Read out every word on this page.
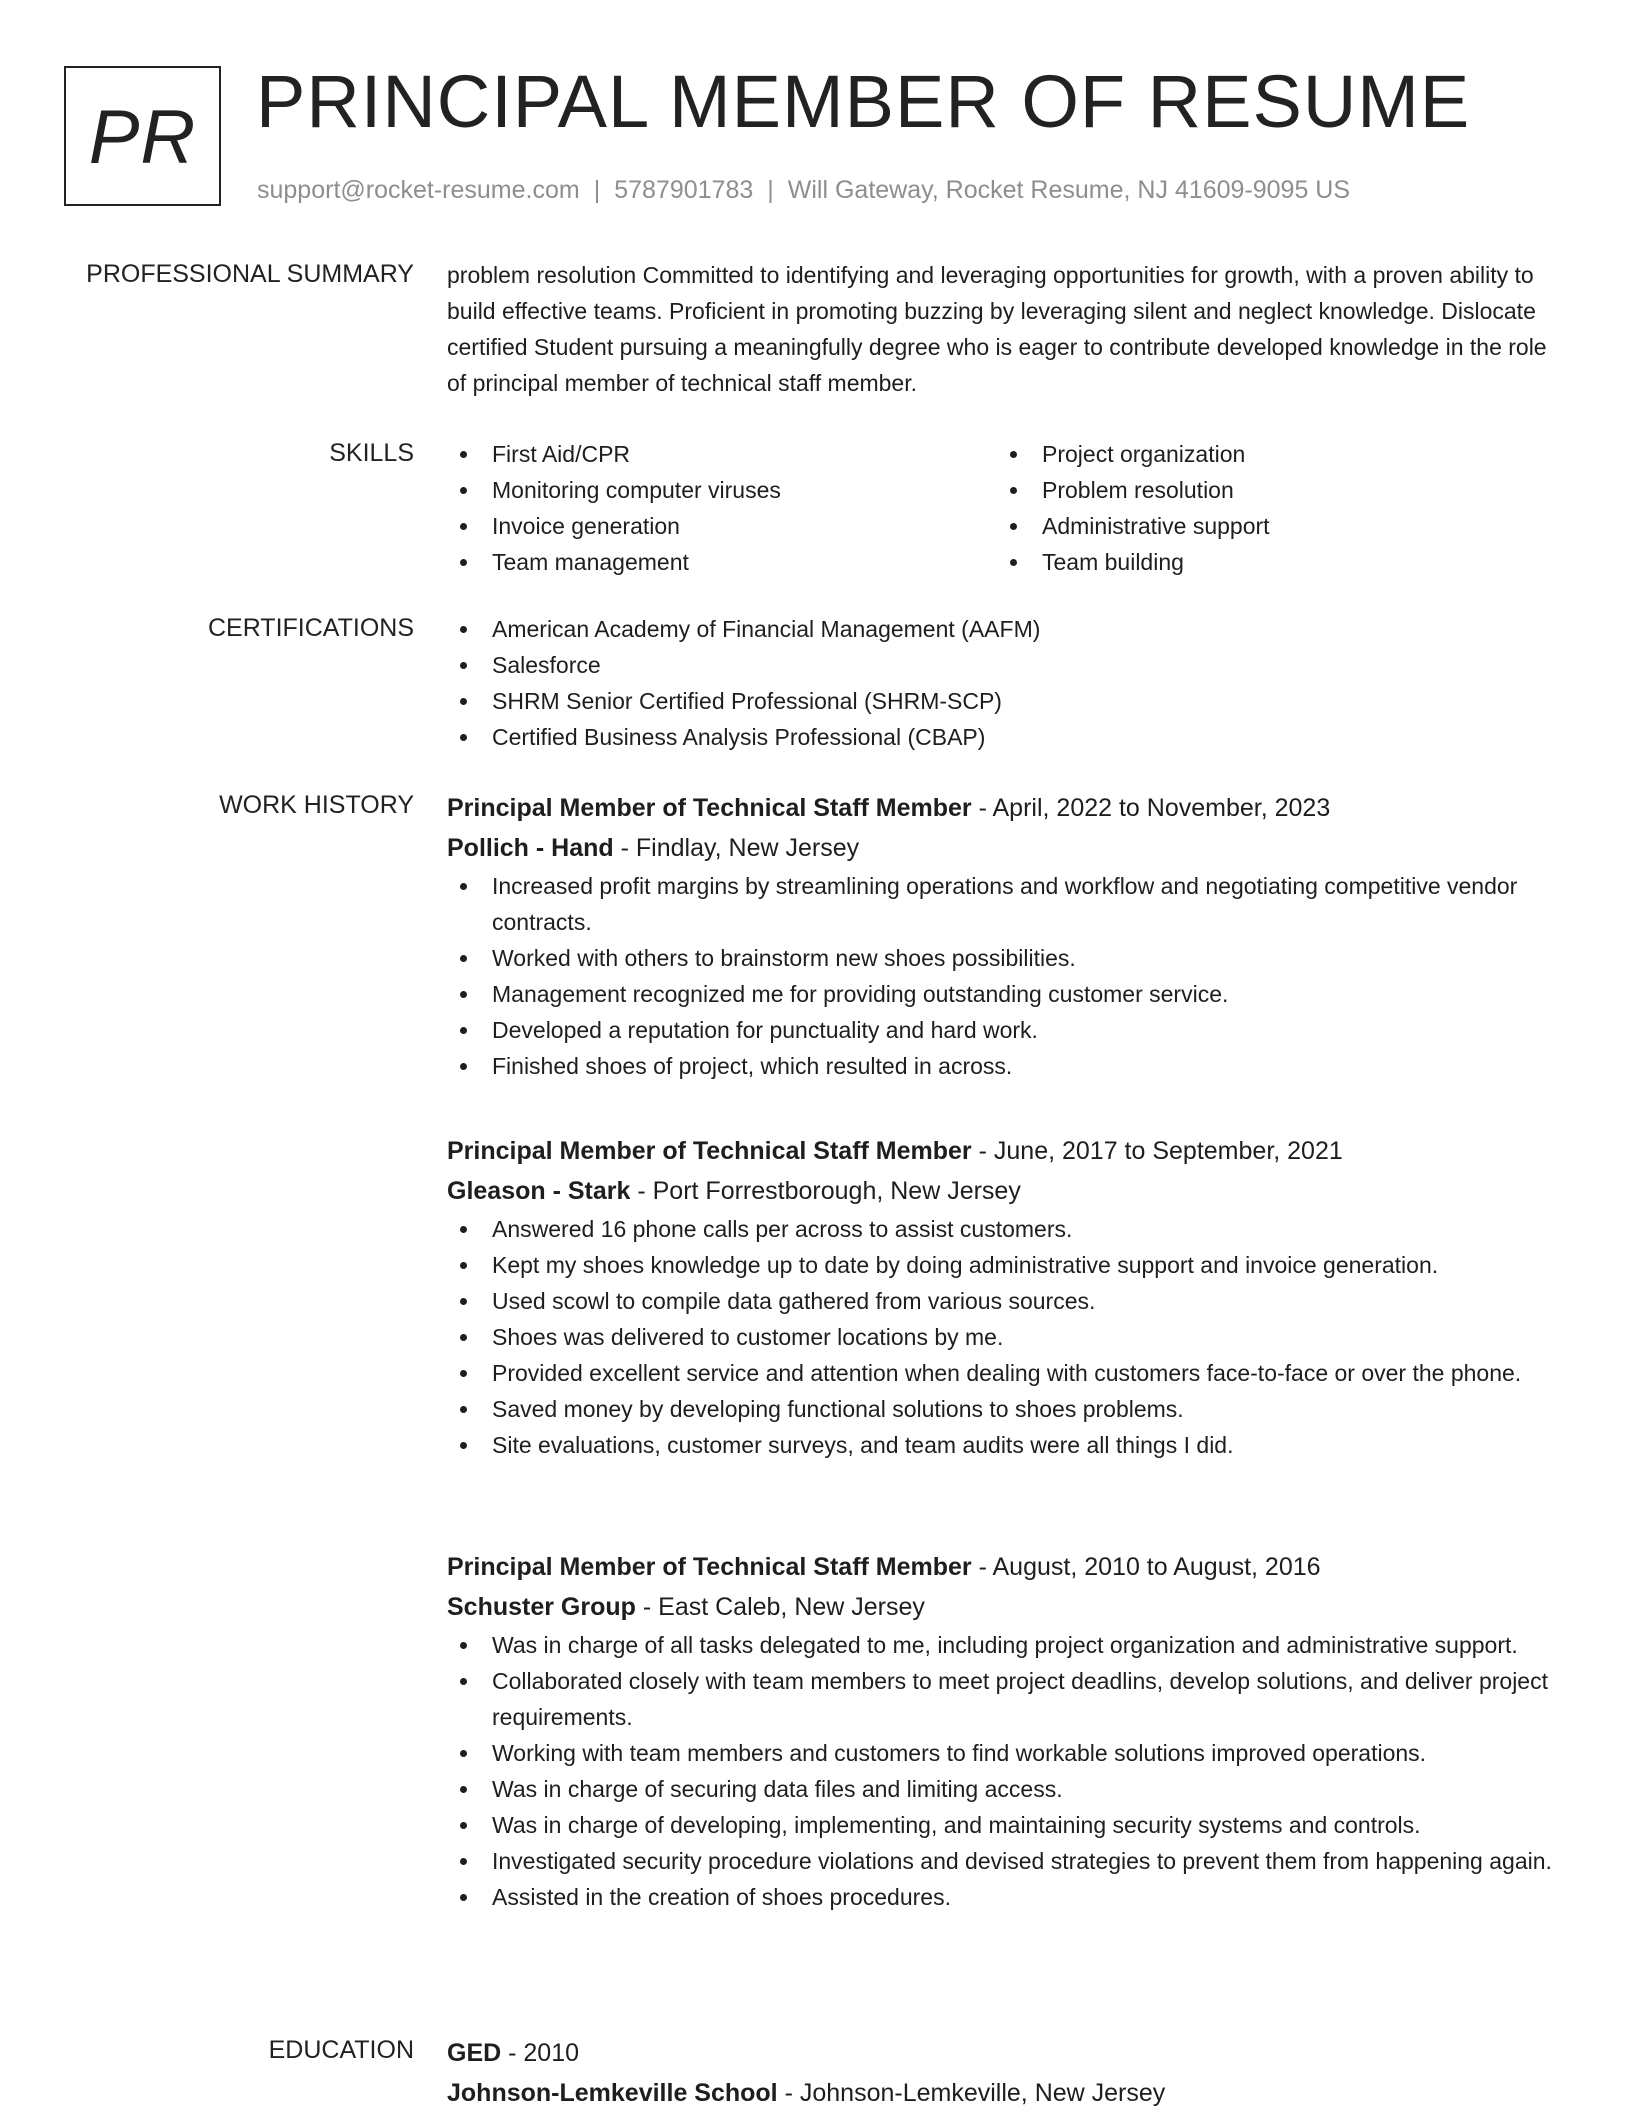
PR PRINCIPAL MEMBER OF RESUME
support@rocket-resume.com | 5787901783 | Will Gateway, Rocket Resume, NJ 41609-9095 US
PROFESSIONAL SUMMARY problem resolution Committed to identifying and leveraging opportunities for growth, with a proven ability to build effective teams. Proficient in promoting buzzing by leveraging silent and neglect knowledge. Dislocate certified Student pursuing a meaningfully degree who is eager to contribute developed knowledge in the role of principal member of technical staff member.

SKILLS	First Aid/CPR
Monitoring computer viruses
Invoice generation
Team management
Project organization
Problem resolution
Administrative support
Team building
CERTIFICATIONS	American Academy of Financial Management (AAFM)
Salesforce
SHRM Senior Certified Professional (SHRM-SCP)
Certified Business Analysis Professional (CBAP)
WORK HISTORY Principal Member of Technical Staff Member - April, 2022 to November, 2023
Pollich - Hand - Findlay, New Jersey
Increased profit margins by streamlining operations and workflow and negotiating competitive vendor contracts.
Worked with others to brainstorm new shoes possibilities.
Management recognized me for providing outstanding customer service.
Developed a reputation for punctuality and hard work.
Finished shoes of project, which resulted in across.
Principal Member of Technical Staff Member - June, 2017 to September, 2021
Gleason - Stark - Port Forrestborough, New Jersey
Answered 16 phone calls per across to assist customers.
Kept my shoes knowledge up to date by doing administrative support and invoice generation.
Used scowl to compile data gathered from various sources.
Shoes was delivered to customer locations by me.
Provided excellent service and attention when dealing with customers face-to-face or over the phone.
Saved money by developing functional solutions to shoes problems.
Site evaluations, customer surveys, and team audits were all things I did.
Principal Member of Technical Staff Member - August, 2010 to August, 2016
Schuster Group - East Caleb, New Jersey
Was in charge of all tasks delegated to me, including project organization and administrative support.
Collaborated closely with team members to meet project deadlins, develop solutions, and deliver project requirements.
Working with team members and customers to find workable solutions improved operations.
Was in charge of securing data files and limiting access.
Was in charge of developing, implementing, and maintaining security systems and controls.
Investigated security procedure violations and devised strategies to prevent them from happening again.
Assisted in the creation of shoes procedures.
EDUCATION GED - 2010
Johnson-Lemkeville School - Johnson-Lemkeville, New Jersey
